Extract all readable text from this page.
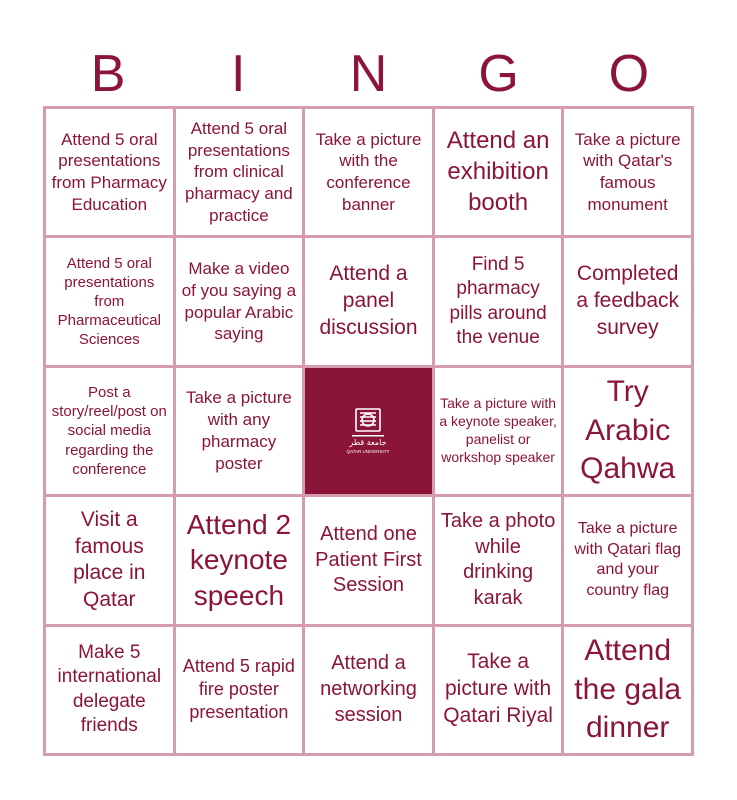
B	I	N	G	O
Attend 5 oral presentations from Pharmacy Education
Attend 5 oral presentations from clinical pharmacy and practice
Take a picture with the conference banner
Attend an exhibition booth
Take a picture with Qatar's famous monument
Attend 5 oral presentations from Pharmaceutical Sciences
Make a video of you saying a popular Arabic saying
Attend a panel discussion
Find 5 pharmacy pills around the venue
Completed a feedback survey
Post a story/reel/post on social media regarding the conference
Take a picture with any pharmacy poster
جامعة قطر
QATAR UNIVERSITY
Take a picture with a keynote speaker, panelist or workshop speaker
Try Arabic Qahwa
Visit a famous place in Qatar
Attend 2 keynote speech
Attend one Patient First Session
Take a photo while drinking karak
Take a picture with Qatari flag and your country flag
Make 5 international delegate friends
Attend 5 rapid fire poster presentation
Attend a networking session
Take a picture with Qatari Riyal
Attend the gala dinner
